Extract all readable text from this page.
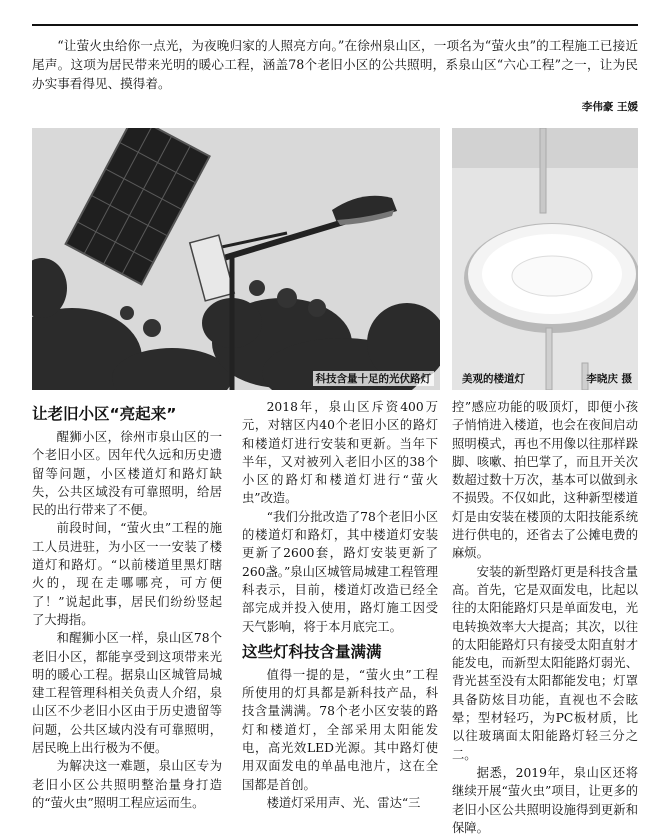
“让萤火虫给你一点光，为夜晚归家的人照亮方向。”在徐州泉山区，一项名为“萤火虫”的工程施工已接近尾声。这项为居民带来光明的暖心工程，涵盖78个老旧小区的公共照明，系泉山区“六心工程”之一，让为民办实事看得见、摸得着。

李伟豪 王媛
科技含量十足的光伏路灯	美观的楼道灯	李晓庆 摄
让老旧小区“亮起来”

醒狮小区，徐州市泉山区的一个老旧小区。因年代久远和历史遗留等问题，小区楼道灯和路灯缺失，公共区域没有可靠照明，给居民的出行带来了不便。

前段时间，“萤火虫”工程的施工人员进驻，为小区一一安装了楼道灯和路灯。“以前楼道里黑灯瞎火的，现在走哪哪亮，可方便了！”说起此事，居民们纷纷竖起了大拇指。

和醒狮小区一样，泉山区78个老旧小区，都能享受到这项带来光明的暖心工程。据泉山区城管局城建工程管理科相关负责人介绍，泉山区不少老旧小区由于历史遗留等问题，公共区域内没有可靠照明，居民晚上出行极为不便。

为解决这一难题，泉山区专为老旧小区公共照明整治量身打造的“萤火虫”照明工程应运而生。

2018年，泉山区斥资400万元，对辖区内40个老旧小区的路灯和楼道灯进行安装和更新。当年下半年，又对被列入老旧小区的38个小区的路灯和楼道灯进行“萤火虫”改造。

“我们分批改造了78个老旧小区的楼道灯和路灯，其中楼道灯安装更新了2600套，路灯安装更新了260盏。”泉山区城管局城建工程管理科表示，目前，楼道灯改造已经全部完成并投入使用，路灯施工因受天气影响，将于本月底完工。

这些灯科技含量满满

值得一提的是，“萤火虫”工程所使用的灯具都是新科技产品，科技含量满满。78个老小区安装的路灯和楼道灯，全部采用太阳能发电，高光效LED光源。其中路灯使用双面发电的单晶电池片，这在全国都是首创。

楼道灯采用声、光、雷达“三

控”感应功能的吸顶灯，即便小孩子悄悄进入楼道，也会在夜间启动照明模式，再也不用像以往那样跺脚、咳嗽、拍巴掌了，而且开关次数超过数十万次，基本可以做到永不损毁。不仅如此，这种新型楼道灯是由安装在楼顶的太阳技能系统进行供电的，还省去了公摊电费的麻烦。

安装的新型路灯更是科技含量高。首先，它是双面发电，比起以往的太阳能路灯只是单面发电，光电转换效率大大提高；其次，以往的太阳能路灯只有接受太阳直射才能发电，而新型太阳能路灯弱光、背光甚至没有太阳都能发电；灯罩具备防炫目功能，直视也不会眩晕；型材轻巧，为PC板材质，比以往玻璃面太阳能路灯轻三分之二。

据悉，2019年，泉山区还将继续开展“萤火虫”项目，让更多的老旧小区公共照明设施得到更新和保障。
